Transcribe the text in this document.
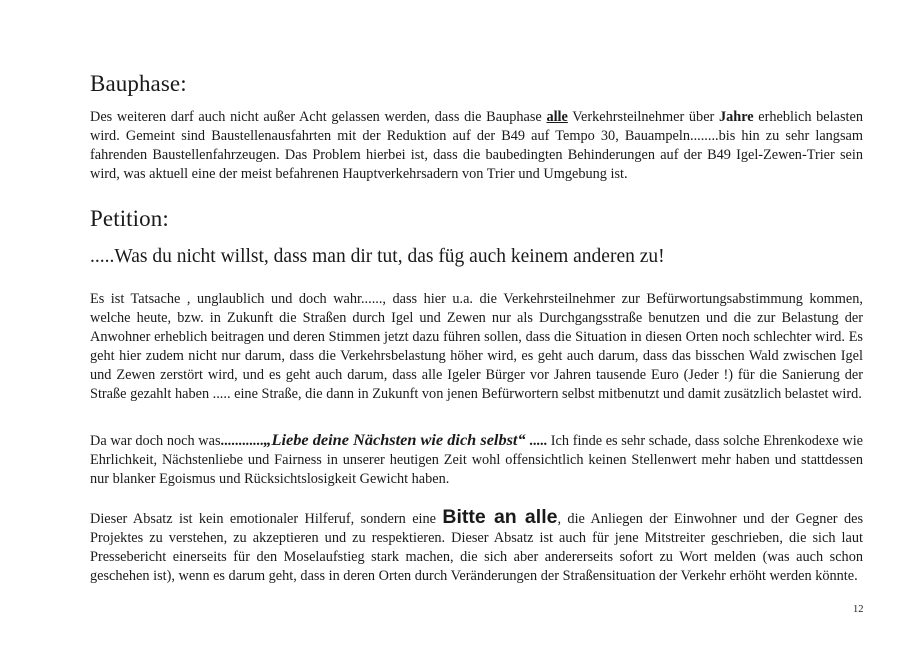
Bauphase:

Des weiteren darf auch nicht außer Acht gelassen werden, dass die Bauphase alle Verkehrsteilnehmer über Jahre erheblich belasten wird. Gemeint sind Baustellenausfahrten mit der Reduktion auf der B49 auf Tempo 30, Bauampeln........bis hin zu sehr langsam fahrenden Baustellenfahrzeugen. Das Problem hierbei ist, dass die baubedingten Behinderungen auf der B49 Igel-Zewen-Trier sein wird, was aktuell eine der meist befahrenen Hauptverkehrsadern von Trier und Umgebung ist.

Petition:

.....Was du nicht willst, dass man dir tut, das füg auch keinem anderen zu!

Es ist Tatsache , unglaublich und doch wahr......, dass hier u.a. die Verkehrsteilnehmer zur Befürwortungsabstimmung kommen, welche heute, bzw. in Zukunft die Straßen durch Igel und Zewen nur als Durchgangsstraße benutzen und die zur Belastung der Anwohner erheblich beitragen und deren Stimmen jetzt dazu führen sollen, dass die Situation in diesen Orten noch schlechter wird. Es geht hier zudem nicht nur darum, dass die Verkehrsbelastung höher wird, es geht auch darum, dass das bisschen Wald zwischen Igel und Zewen zerstört wird, und es geht auch darum, dass alle Igeler Bürger vor Jahren tausende Euro (Jeder !) für die Sanierung der Straße gezahlt haben ..... eine Straße, die dann in Zukunft von jenen Befürwortern selbst mitbenutzt und damit zusätzlich belastet wird.

Da war doch noch was............„Liebe deine Nächsten wie dich selbst“ ..... Ich finde es sehr schade, dass solche Ehrenkodexe wie Ehrlichkeit, Nächstenliebe und Fairness in unserer heutigen Zeit wohl offensichtlich keinen Stellenwert mehr haben und stattdessen nur blanker Egoismus und Rücksichtslosigkeit Gewicht haben.

Dieser Absatz ist kein emotionaler Hilferuf, sondern eine Bitte an alle, die Anliegen der Einwohner und der Gegner des Projektes zu verstehen, zu akzeptieren und zu respektieren. Dieser Absatz ist auch für jene Mitstreiter geschrieben, die sich laut Pressebericht einerseits für den Moselaufstieg stark machen, die sich aber andererseits sofort zu Wort melden (was auch schon geschehen ist), wenn es darum geht, dass in deren Orten durch Veränderungen der Straßensituation der Verkehr erhöht werden könnte.

12
